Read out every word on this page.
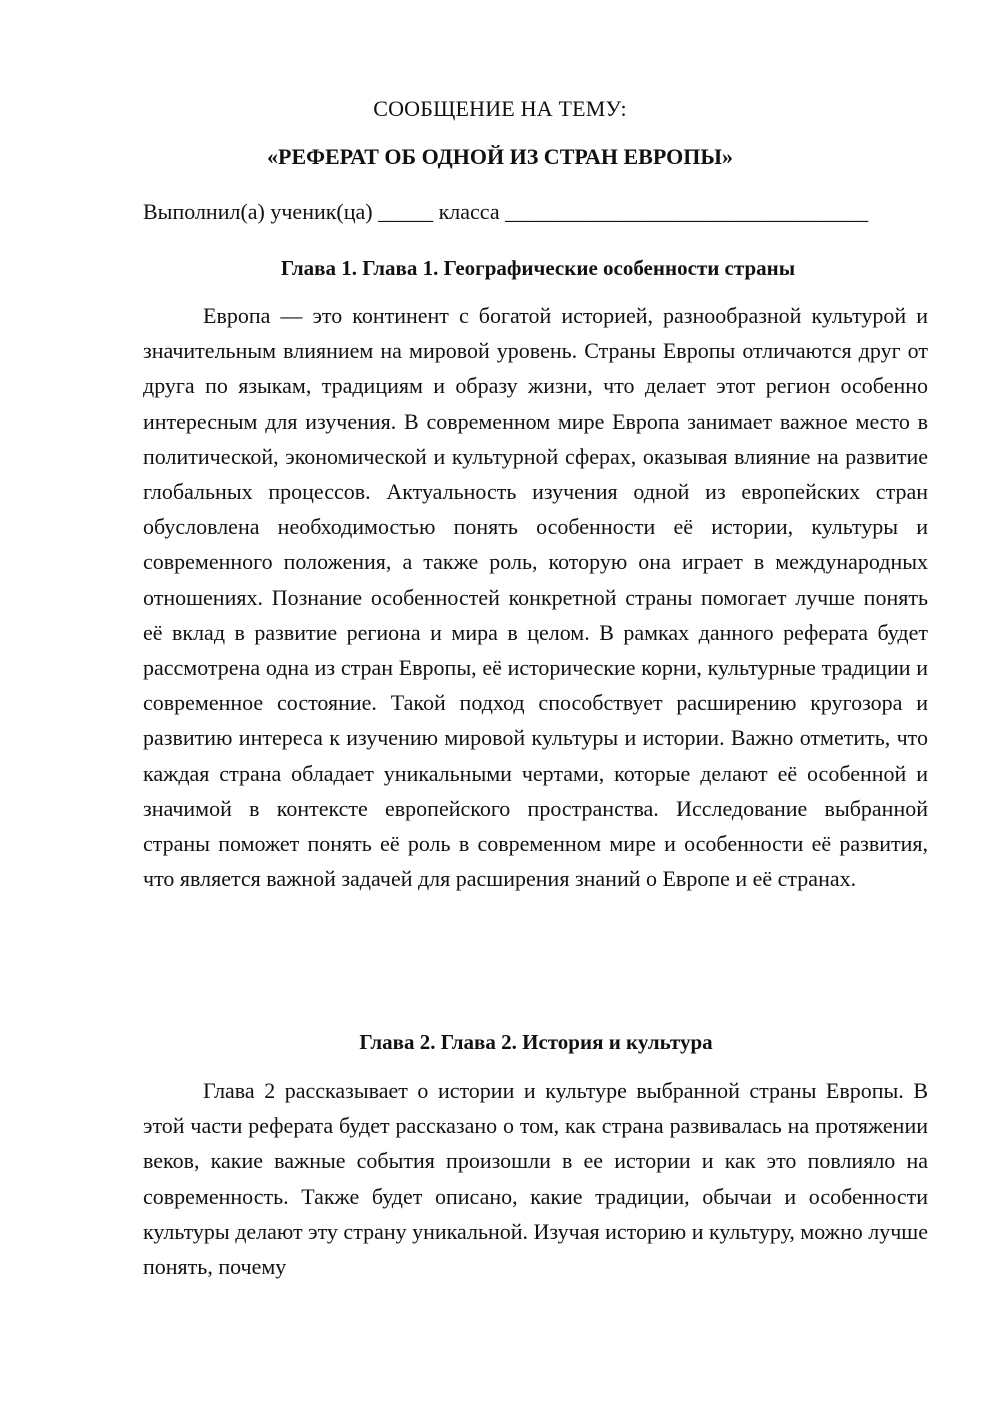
СООБЩЕНИЕ НА ТЕМУ:

«РЕФЕРАТ ОБ ОДНОЙ ИЗ СТРАН ЕВРОПЫ»

Выполнил(а) ученик(ца) _____ класса _________________________________
Глава 1. Глава 1. Географические особенности страны

Европа — это континент с богатой историей, разнообразной культурой и значительным влиянием на мировой уровень. Страны Европы отличаются друг от друга по языкам, традициям и образу жизни, что делает этот регион особенно интересным для изучения. В современном мире Европа занимает важное место в политической, экономической и культурной сферах, оказывая влияние на развитие глобальных процессов. Актуальность изучения одной из европейских стран обусловлена необходимостью понять особенности её истории, культуры и современного положения, а также роль, которую она играет в международных отношениях. Познание особенностей конкретной страны помогает лучше понять её вклад в развитие региона и мира в целом. В рамках данного реферата будет рассмотрена одна из стран Европы, её исторические корни, культурные традиции и современное состояние. Такой подход способствует расширению кругозора и развитию интереса к изучению мировой культуры и истории. Важно отметить, что каждая страна обладает уникальными чертами, которые делают её особенной и значимой в контексте европейского пространства. Исследование выбранной страны поможет понять её роль в современном мире и особенности её развития, что является важной задачей для расширения знаний о Европе и её странах.

Глава 2. Глава 2. История и культура

Глава 2 рассказывает о истории и культуре выбранной страны Европы. В этой части реферата будет рассказано о том, как страна развивалась на протяжении веков, какие важные события произошли в ее истории и как это повлияло на современность. Также будет описано, какие традиции, обычаи и особенности культуры делают эту страну уникальной. Изучая историю и культуру, можно лучше понять, почему
